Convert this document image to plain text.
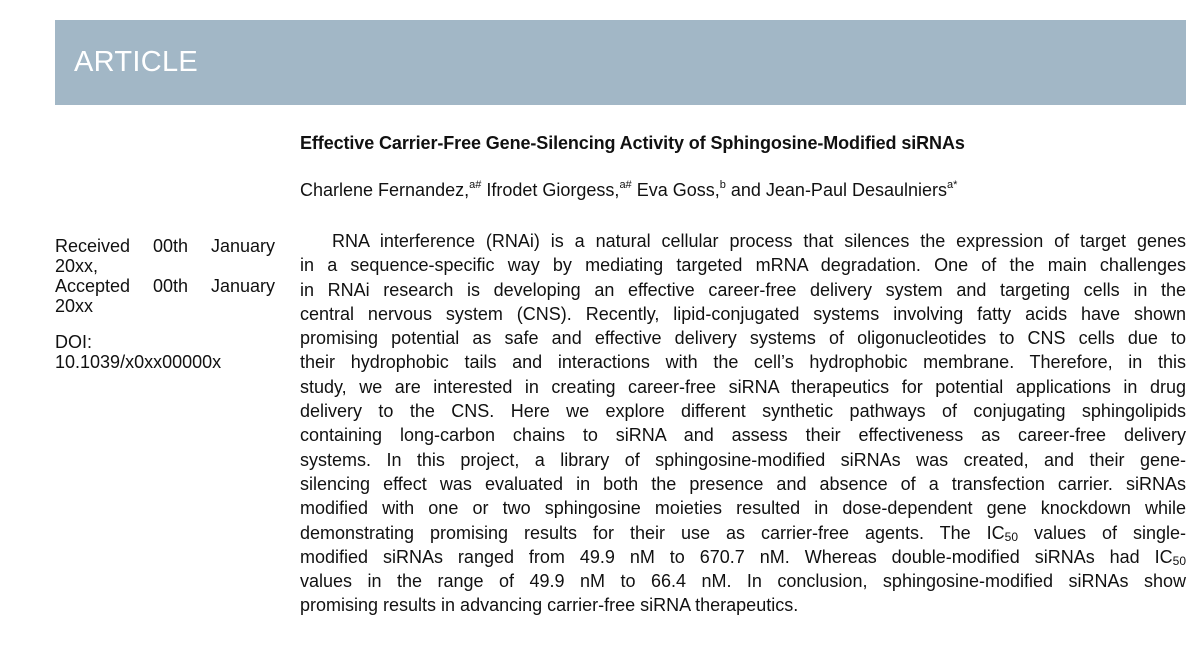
ARTICLE
Received 00th January
20xx,
Accepted 00th January
20xx
DOI:
10.1039/x0xx00000x
Effective Carrier-Free Gene-Silencing Activity of Sphingosine-Modified siRNAs
Charlene Fernandez,$^{a\#}$ Ifrodet Giorgess,$^{a\#}$ Eva Goss,$^b$ and Jean-Paul Desaulniers$^{a*}$
RNA interference (RNAi) is a natural cellular process that silences the expression of target genes
in a sequence-specific way by mediating targeted mRNA degradation. One of the main challenges
in RNAi research is developing an effective career-free delivery system and targeting cells in the
central nervous system (CNS). Recently, lipid-conjugated systems involving fatty acids have shown
promising potential as safe and effective delivery systems of oligonucleotides to CNS cells due to
their hydrophobic tails and interactions with the cell’s hydrophobic membrane. Therefore, in this
study, we are interested in creating career-free siRNA therapeutics for potential applications in drug
delivery to the CNS. Here we explore different synthetic pathways of conjugating sphingolipids
containing long-carbon chains to siRNA and assess their effectiveness as career-free delivery
systems. In this project, a library of sphingosine-modified siRNAs was created, and their gene-
silencing effect was evaluated in both the presence and absence of a transfection carrier. siRNAs
modified with one or two sphingosine moieties resulted in dose-dependent gene knockdown while
demonstrating promising results for their use as carrier-free agents. The $IC_{50}$ values of single-
modified siRNAs ranged from 49.9 nM to 670.7 nM. Whereas double-modified siRNAs had $IC_{50}$
values in the range of 49.9 nM to 66.4 nM. In conclusion, sphingosine-modified siRNAs show
promising results in advancing carrier-free siRNA therapeutics.
